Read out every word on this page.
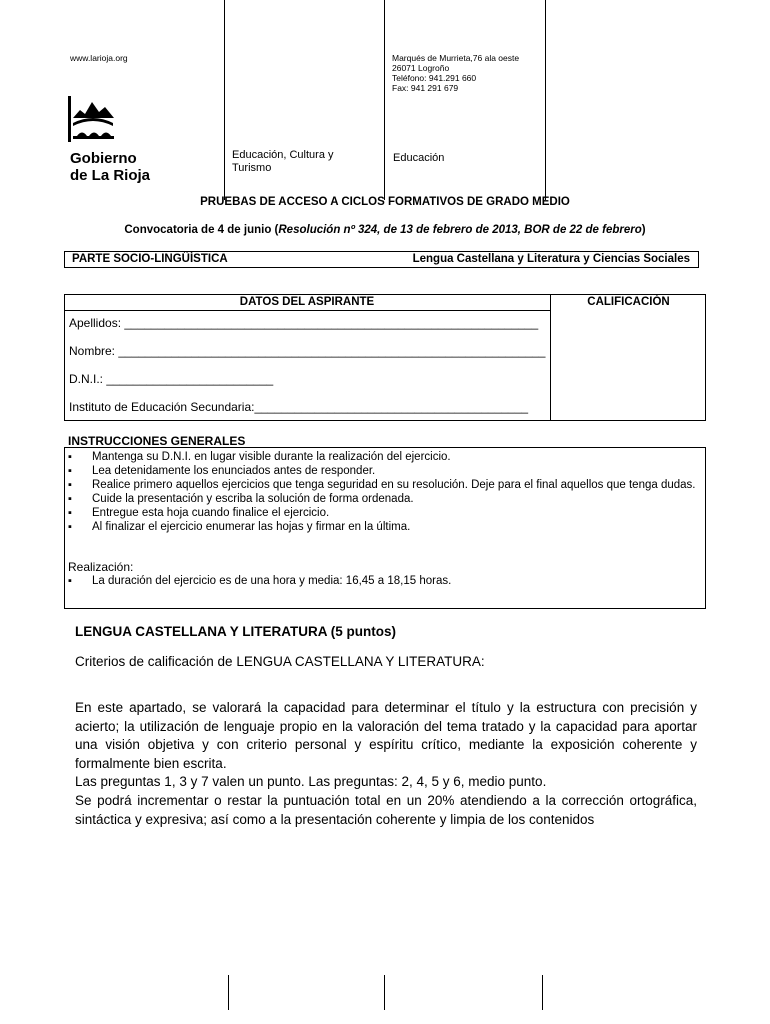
www.larioja.org	Marqués de Murrieta,76 ala oeste
26071 Logroño
Teléfono: 941.291 660
Fax: 941 291 679
Gobierno
de La Rioja
Educación, Cultura y Turismo
Educación
PRUEBAS DE ACCESO A CICLOS FORMATIVOS DE GRADO MEDIO
Convocatoria de 4 de junio (Resolución nº 324, de 13 de febrero de 2013, BOR de 22 de febrero)
PARTE SOCIO-LINGÜÍSTICA	Lengua Castellana y Literatura y Ciencias Sociales
DATOS DEL ASPIRANTE	CALIFICACIÓN
Apellidos: ______________________________________________________________
Nombre: ________________________________________________________________
D.N.I.: _________________________
Instituto de Educación Secundaria:_________________________________________
INSTRUCCIONES GENERALES
▪ Mantenga su D.N.I. en lugar visible durante la realización del ejercicio.
▪ Lea detenidamente los enunciados antes de responder.
▪ Realice primero aquellos ejercicios que tenga seguridad en su resolución. Deje para el final aquellos que tenga dudas.
▪ Cuide la presentación y escriba la solución de forma ordenada.
▪ Entregue esta hoja cuando finalice el ejercicio.
▪ Al finalizar el ejercicio enumerar las hojas y firmar en la última.
Realización:
▪ La duración del ejercicio es de una hora y media: 16,45 a 18,15 horas.
LENGUA CASTELLANA Y LITERATURA (5 puntos)
Criterios de calificación de LENGUA CASTELLANA Y LITERATURA:
En este apartado, se valorará la capacidad para determinar el título y la estructura con precisión y acierto; la utilización de lenguaje propio en la valoración del tema tratado y la capacidad para aportar una visión objetiva y con criterio personal y espíritu crítico, mediante la exposición coherente y formalmente bien escrita.
Las preguntas 1, 3 y 7 valen un punto. Las preguntas: 2, 4, 5 y 6, medio punto.
Se podrá incrementar o restar la puntuación total en un 20% atendiendo a la corrección ortográfica, sintáctica y expresiva; así como a la presentación coherente y limpia de los contenidos
